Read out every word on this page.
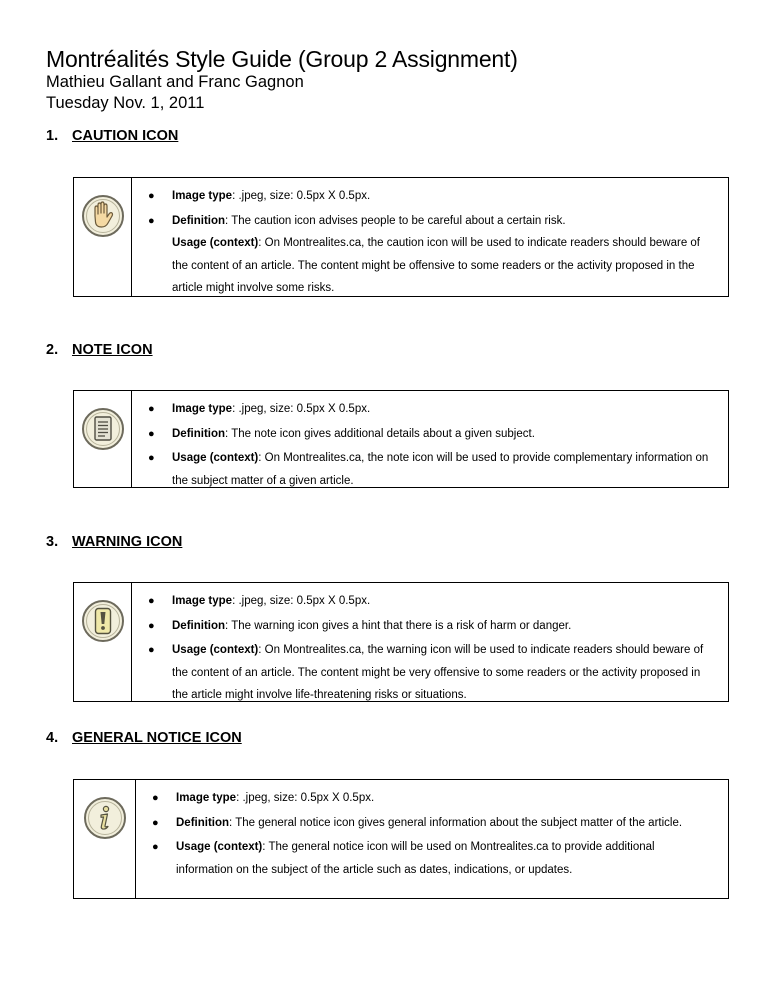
Montréalités Style Guide (Group 2 Assignment)
Mathieu Gallant and Franc Gagnon
Tuesday Nov. 1, 2011
1. CAUTION ICON
● Image type: .jpeg, size: 0.5px X 0.5px.
● Definition: The caution icon advises people to be careful about a certain risk.
Usage (context): On Montrealites.ca, the caution icon will be used to indicate readers should beware of the content of an article. The content might be offensive to some readers or the activity proposed in the article might involve some risks.
2. NOTE ICON
● Image type: .jpeg, size: 0.5px X 0.5px.
● Definition: The note icon gives additional details about a given subject.
● Usage (context): On Montrealites.ca, the note icon will be used to provide complementary information on the subject matter of a given article.
3. WARNING ICON
● Image type: .jpeg, size: 0.5px X 0.5px.
● Definition: The warning icon gives a hint that there is a risk of harm or danger.
● Usage (context): On Montrealites.ca, the warning icon will be used to indicate readers should beware of the content of an article. The content might be very offensive to some readers or the activity proposed in the article might involve life-threatening risks or situations.
4. GENERAL NOTICE ICON
● Image type: .jpeg, size: 0.5px X 0.5px.
● Definition: The general notice icon gives general information about the subject matter of the article.
● Usage (context): The general notice icon will be used on Montrealites.ca to provide additional information on the subject of the article such as dates, indications, or updates.
